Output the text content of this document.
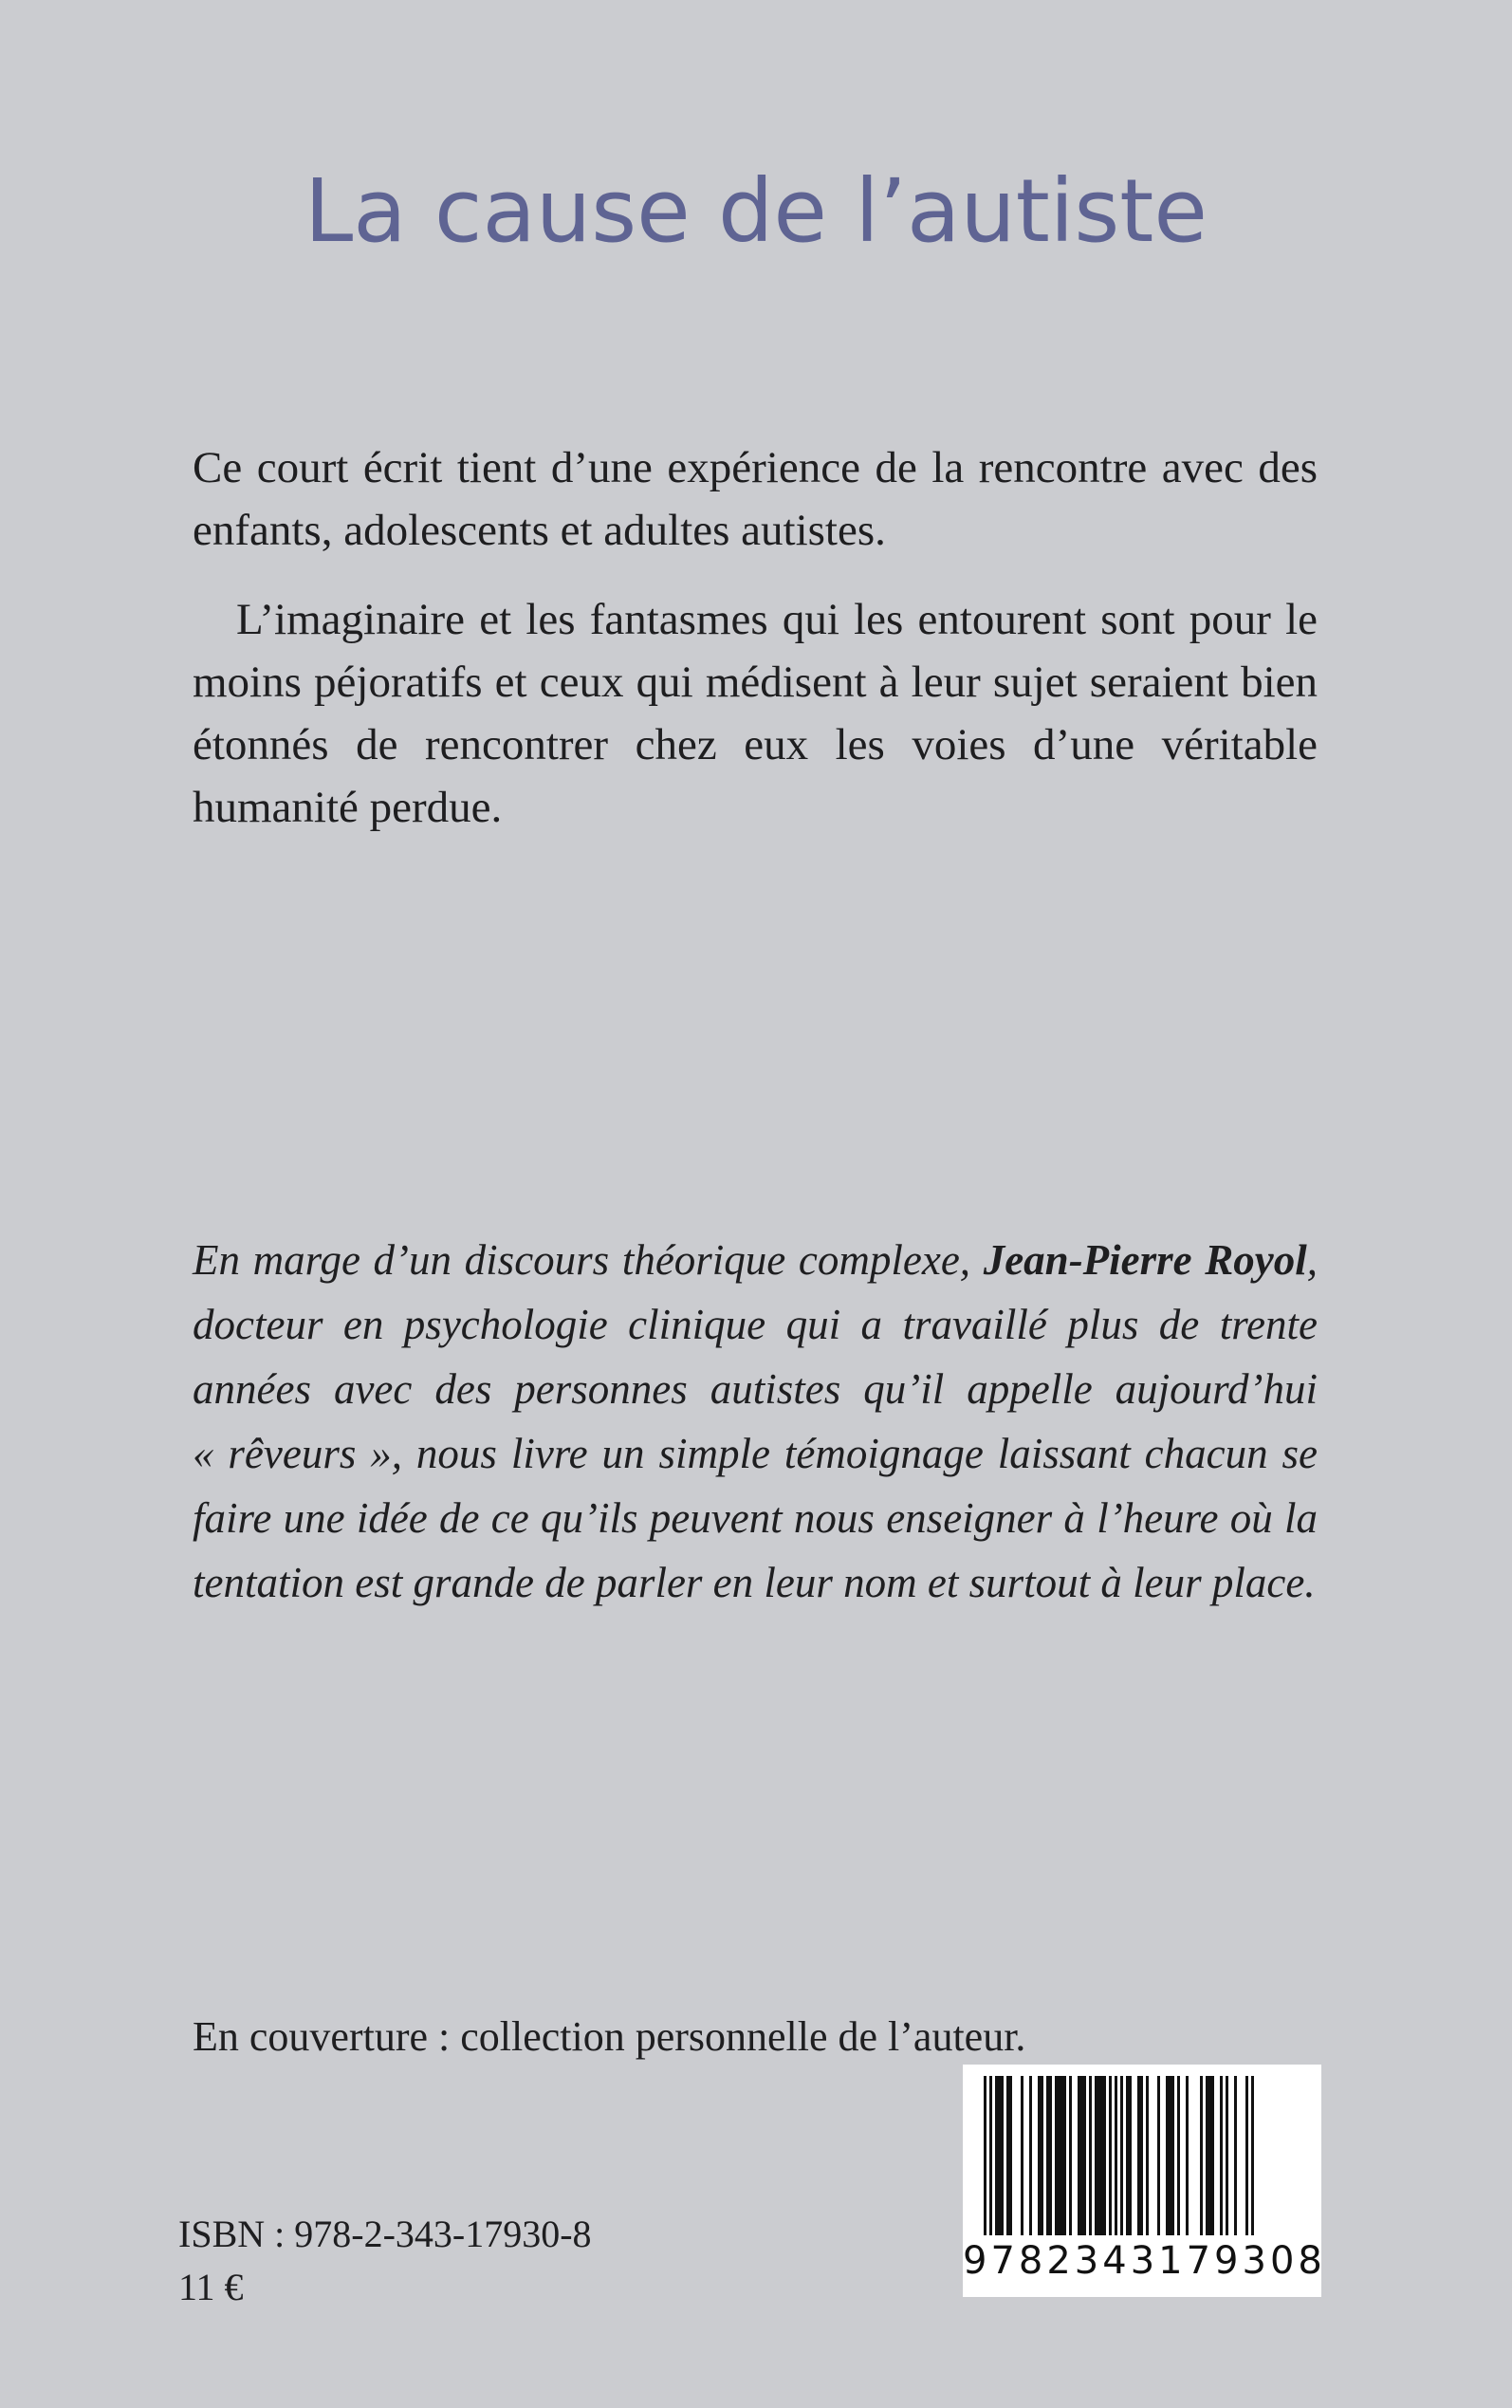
La cause de l’autiste

Ce court écrit tient d’une expérience de la rencontre avec des enfants, adolescents et adultes autistes.

L’imaginaire et les fantasmes qui les entourent sont pour le moins péjoratifs et ceux qui médisent à leur sujet seraient bien étonnés de rencontrer chez eux les voies d’une véritable humanité perdue.

En marge d’un discours théorique complexe, Jean-Pierre Royol, docteur en psychologie clinique qui a travaillé plus de trente années avec des personnes autistes qu’il appelle aujourd’hui « rêveurs », nous livre un simple témoignage laissant chacun se faire une idée de ce qu’ils peuvent nous enseigner à l’heure où la tentation est grande de parler en leur nom et surtout à leur place.
En couverture : collection personnelle de l’auteur.
ISBN : 978-2-343-17930-8
11 €
9782343179308
